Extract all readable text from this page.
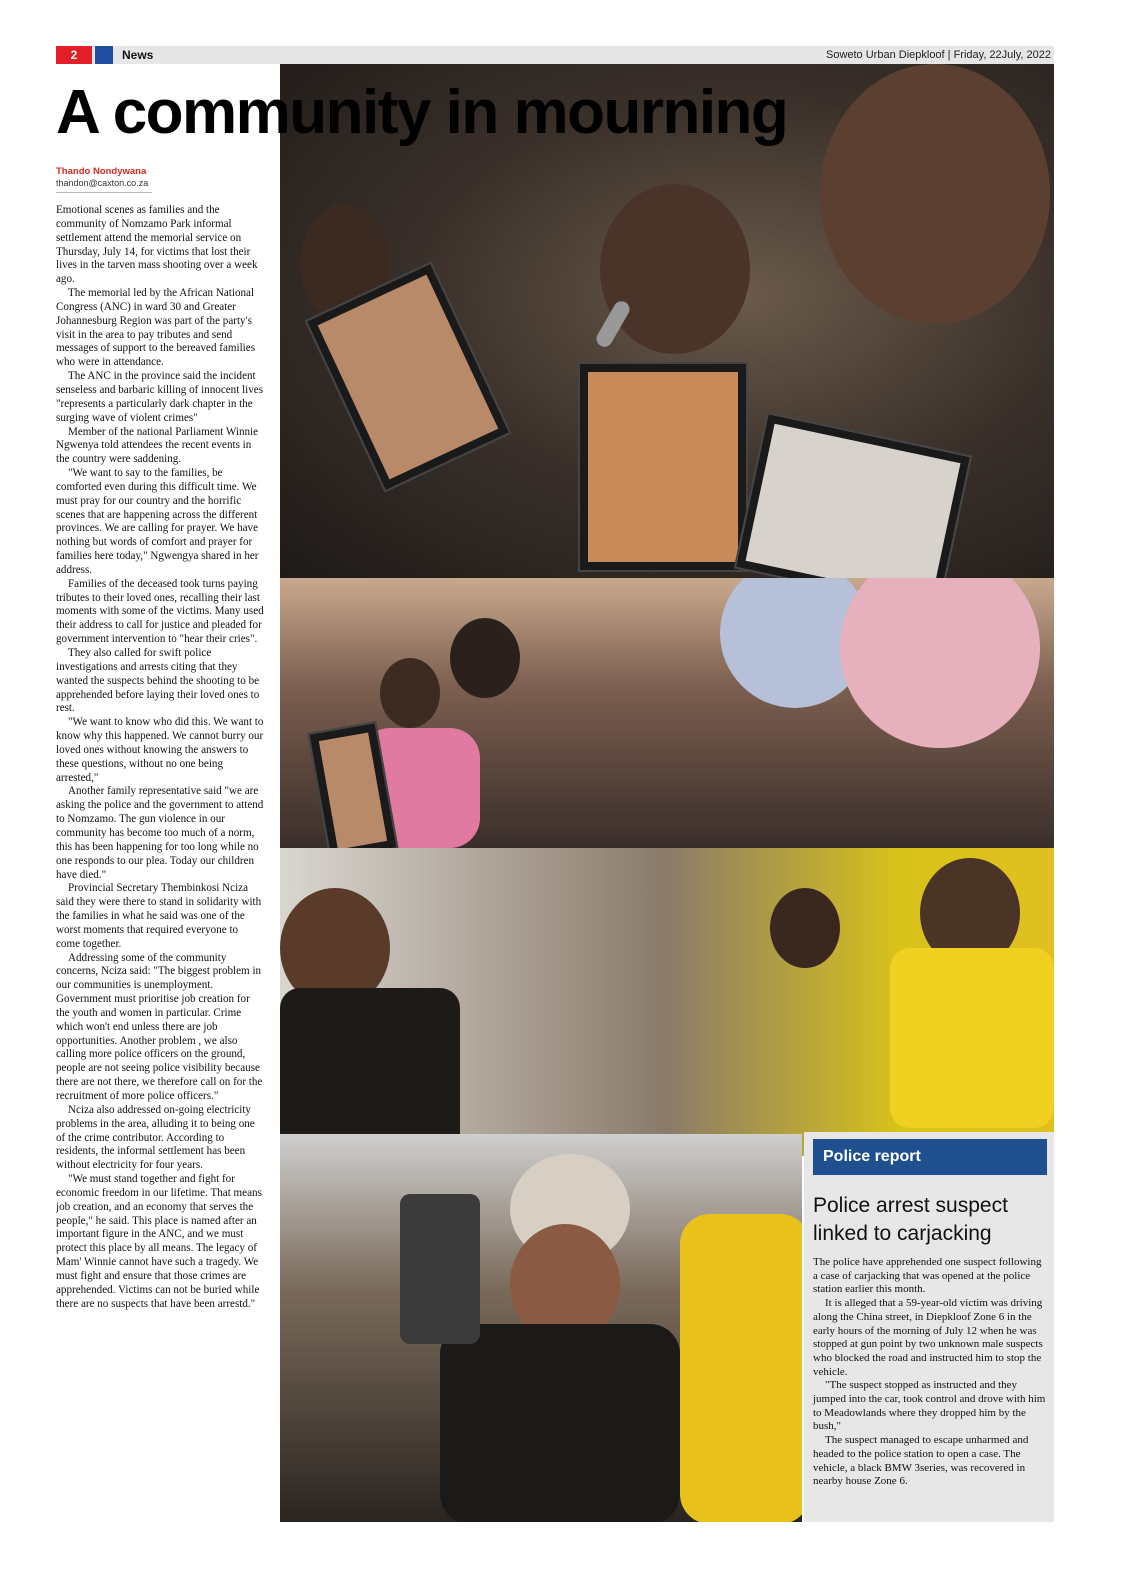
2	News	Soweto Urban Diepkloof | Friday, 22July, 2022
A community in mourning
Thando Nondywana
thandon@caxton.co.za

Emotional scenes as families and the community of Nomzamo Park informal settlement attend the memorial service on Thursday, July 14, for victims that lost their lives in the tarven mass shooting over a week ago.

The memorial led by the African National Congress (ANC) in ward 30 and Greater Johannesburg Region was part of the party's visit in the area to pay tributes and send messages of support to the bereaved families who were in attendance.

The ANC in the province said the incident senseless and barbaric killing of innocent lives "represents a particularly dark chapter in the surging wave of violent crimes"

Member of the national Parliament Winnie Ngwenya told attendees the recent events in the country were saddening.

"We want to say to the families, be comforted even during this difficult time. We must pray for our country and the horrific scenes that are happening across the different provinces. We are calling for prayer. We have nothing but words of comfort and prayer for families here today," Ngwengya shared in her address.

Families of the deceased took turns paying tributes to their loved ones, recalling their last moments with some of the victims. Many used their address to call for justice and pleaded for government intervention to "hear their cries".

They also called for swift police investigations and arrests citing that they wanted the suspects behind the shooting to be apprehended before laying their loved ones to rest.

"We want to know who did this. We want to know why this happened. We cannot burry our loved ones without knowing the answers to these questions, without no one being arrested,"

Another family representative said "we are asking the police and the government to attend to Nomzamo. The gun violence in our community has become too much of a norm, this has been happening for too long while no one responds to our plea. Today our children have died."

Provincial Secretary Thembinkosi Nciza said they were there to stand in solidarity with the families in what he said was one of the worst moments that required everyone to come together.

Addressing some of the community concerns, Nciza said: "The biggest problem in our communities is unemployment. Government must prioritise job creation for the youth and women in particular. Crime which won't end unless there are job opportunities. Another problem , we also calling more police officers on the ground, people are not seeing police visibility because there are not there, we therefore call on for the recruitment of more police officers."

Nciza also addressed on-going electricity problems in the area, alluding it to being one of the crime contributor. According to residents, the informal settlement has been without electricity for four years.

"We must stand together and fight for economic freedom in our lifetime. That means job creation, and an economy that serves the people," he said. This place is named after an important figure in the ANC, and we must protect this place by all means. The legacy of Mam' Winnie cannot have such a tragedy. We must fight and ensure that those crimes are apprehended. Victims can not be buried while there are no suspects that have been arrestd."

Police report
Police arrest suspect linked to carjacking

The police have apprehended one suspect following a case of carjacking that was opened at the police station earlier this month.

It is alleged that a 59-year-old victim was driving along the China street, in Diepkloof Zone 6 in the early hours of the morning of July 12 when he was stopped at gun point by two unknown male suspects who blocked the road and instructed him to stop the vehicle.

"The suspect stopped as instructed and they jumped into the car, took control and drove with him to Meadowlands where they dropped him by the bush,"

The suspect managed to escape unharmed and headed to the police station to open a case. The vehicle, a black BMW 3series, was recovered in nearby house Zone 6.
